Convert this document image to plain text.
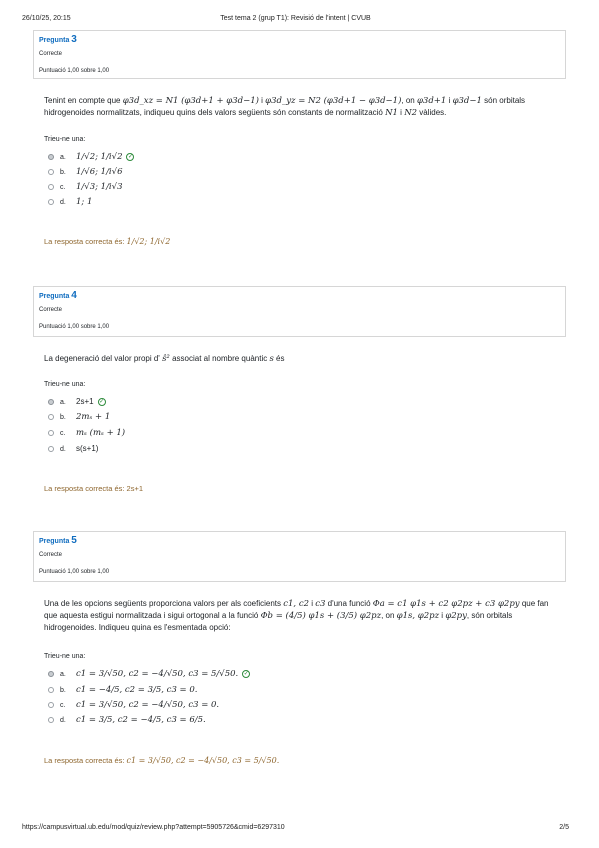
26/10/25, 20:15	Test tema 2 (grup T1): Revisió de l'intent | CVUB
Pregunta 3
Correcte
Puntuació 1,00 sobre 1,00
Tenint en compte que φ3d_xz = N1 (φ3d+1 + φ3d−1) i φ3d_yz = N2 (φ3d+1 − φ3d−1), on φ3d+1 i φ3d−1 són orbitals hidrogenoides normalitzats, indiqueu quins dels valors següents són constants de normalització N1 i N2 vàlides.
Trieu-ne una:
a. 1/√2; 1/i√2 ✓
b. 1/√6; 1/i√6
c. 1/√3; 1/i√3
d. 1; 1
La resposta correcta és: 1/√2; 1/i√2
Pregunta 4
Correcte
Puntuació 1,00 sobre 1,00
La degeneració del valor propi d' ŝ² associat al nombre quàntic s és
Trieu-ne una:
a. 2s+1 ✓
b. 2mₛ + 1
c. mₛ (mₛ + 1)
d. s(s+1)
La resposta correcta és: 2s+1
Pregunta 5
Correcte
Puntuació 1,00 sobre 1,00
Una de les opcions següents proporciona valors per als coeficients c1, c2 i c3 d'una funció Φa = c1 φ1s + c2 φ2pz + c3 φ2py que fan que aquesta estigui normalitzada i sigui ortogonal a la funció Φb = (4/5) φ1s + (3/5) φ2pz, on φ1s, φ2pz i φ2py, són orbitals hidrogenoides. Indiqueu quina es l'esmentada opció:
Trieu-ne una:
a. c1 = 3/√50, c2 = −4/√50, c3 = 5/√50. ✓
b. c1 = −4/5, c2 = 3/5, c3 = 0.
c. c1 = 3/√50, c2 = −4/√50, c3 = 0.
d. c1 = 3/5, c2 = −4/5, c3 = 6/5.
La resposta correcta és: c1 = 3/√50, c2 = −4/√50, c3 = 5/√50.
https://campusvirtual.ub.edu/mod/quiz/review.php?attempt=5905726&cmid=6297310	2/5
